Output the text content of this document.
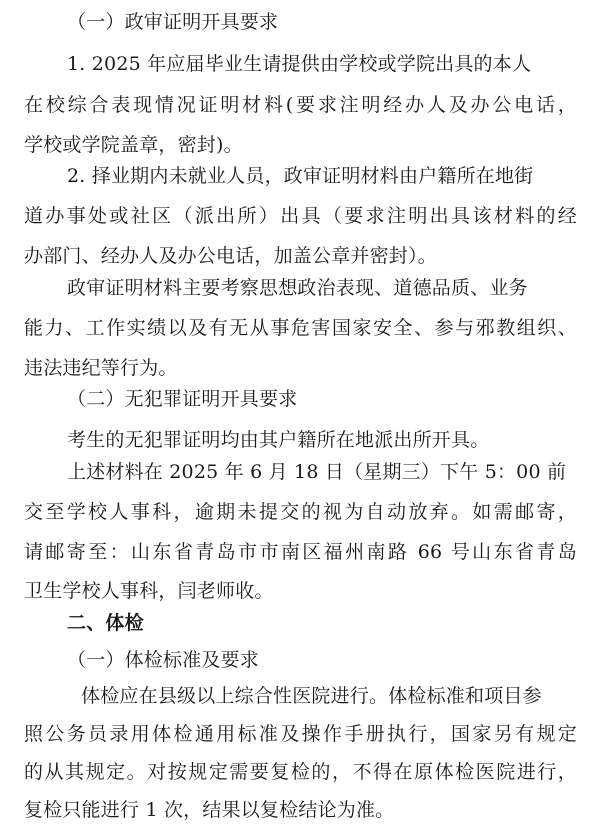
（一）政审证明开具要求
1. 2025 年应届毕业生请提供由学校或学院出具的本人
在校综合表现情况证明材料(要求注明经办人及办公电话，
学校或学院盖章，密封)。
2. 择业期内未就业人员，政审证明材料由户籍所在地街
道办事处或社区（派出所）出具（要求注明出具该材料的经
办部门、经办人及办公电话，加盖公章并密封）。
政审证明材料主要考察思想政治表现、道德品质、业务
能力、工作实绩以及有无从事危害国家安全、参与邪教组织、
违法违纪等行为。
（二）无犯罪证明开具要求
考生的无犯罪证明均由其户籍所在地派出所开具。
上述材料在 2025 年 6 月 18 日（星期三）下午 5：00 前
交至学校人事科，逾期未提交的视为自动放弃。如需邮寄，
请邮寄至：山东省青岛市市南区福州南路 66 号山东省青岛
卫生学校人事科，闫老师收。
二、体检
（一）体检标准及要求
体检应在县级以上综合性医院进行。体检标准和项目参
照公务员录用体检通用标准及操作手册执行，国家另有规定
的从其规定。对按规定需要复检的，不得在原体检医院进行，
复检只能进行 1 次，结果以复检结论为准。
